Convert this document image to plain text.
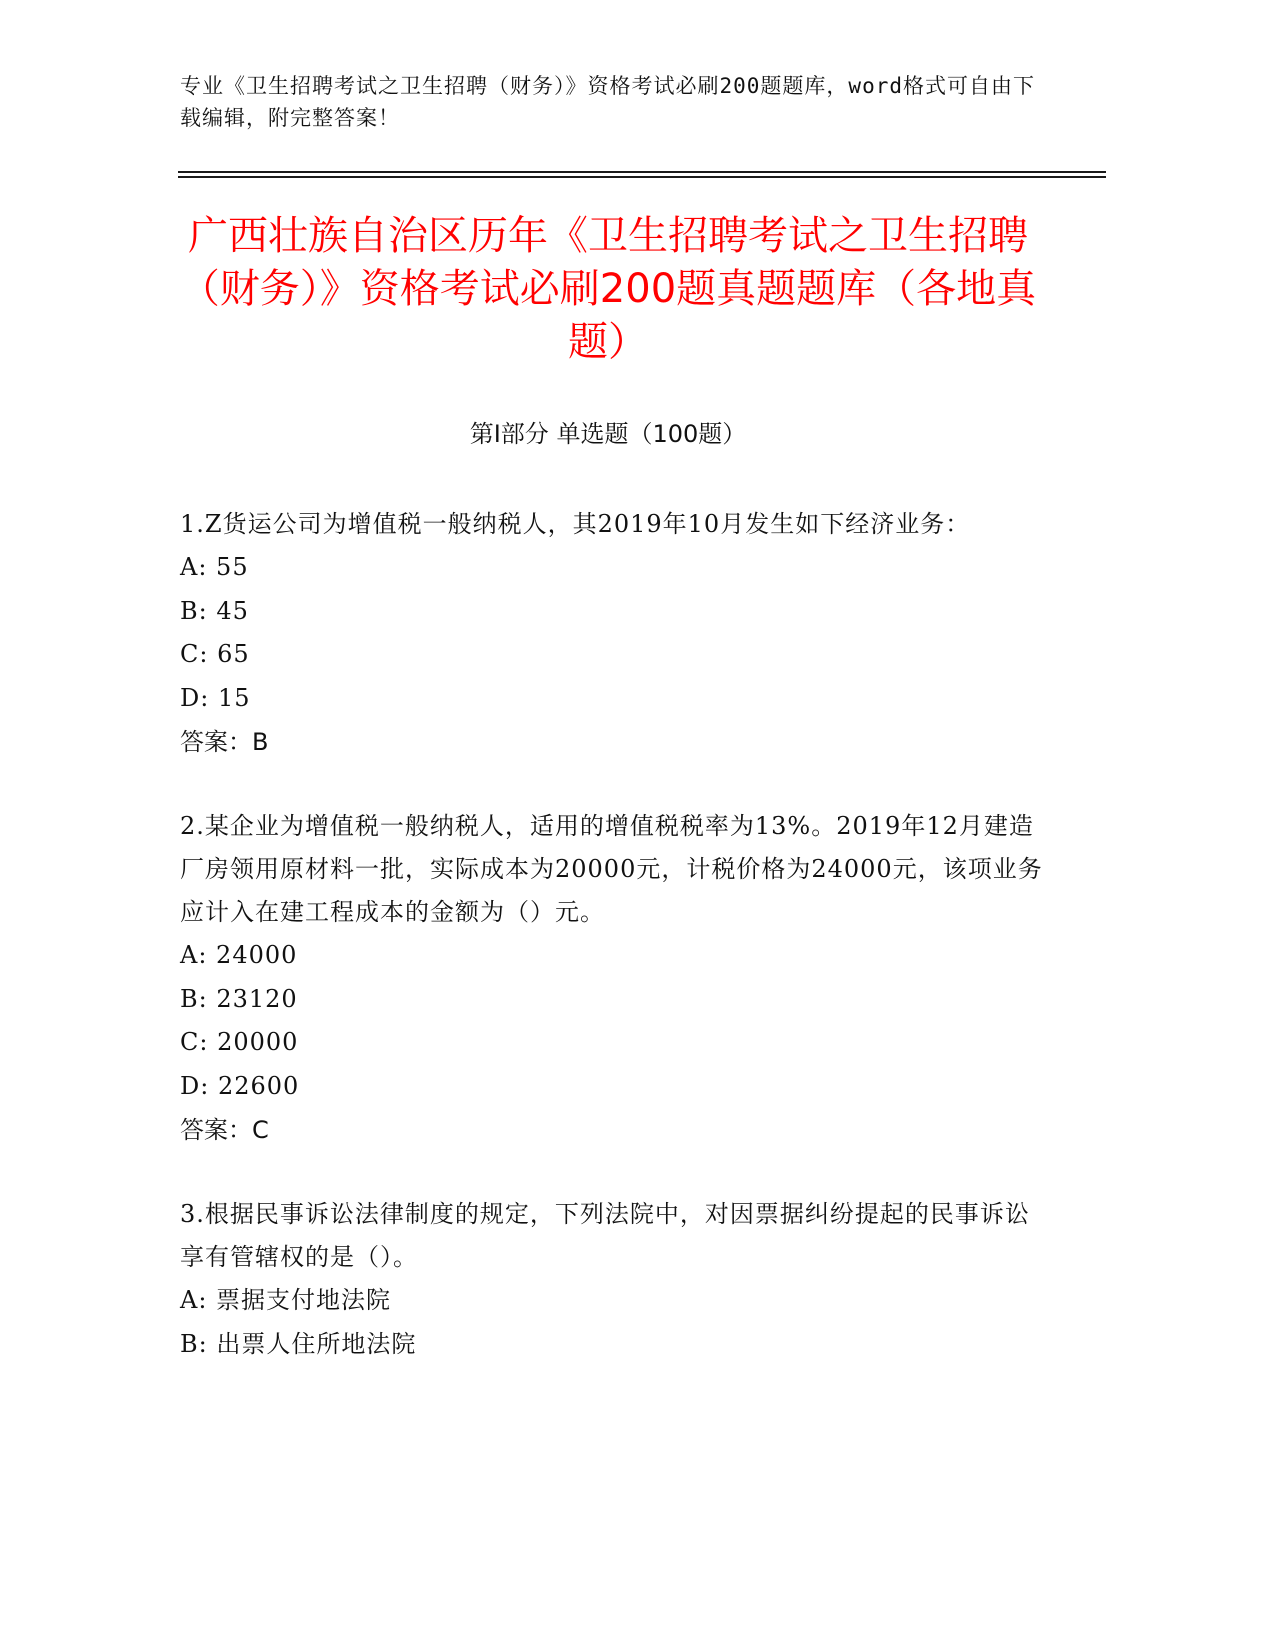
专业《卫生招聘考试之卫生招聘（财务）》资格考试必刷200题题库，word格式可自由下载编辑，附完整答案！
广西壮族自治区历年《卫生招聘考试之卫生招聘（财务）》资格考试必刷200题真题题库（各地真题）
第I部分 单选题（100题）
1.Z货运公司为增值税一般纳税人，其2019年10月发生如下经济业务：
A: 55
B: 45
C: 65
D: 15
答案：B
2.某企业为增值税一般纳税人，适用的增值税税率为13%。2019年12月建造厂房领用原材料一批，实际成本为20000元，计税价格为24000元，该项业务应计入在建工程成本的金额为（）元。
A: 24000
B: 23120
C: 20000
D: 22600
答案：C
3.根据民事诉讼法律制度的规定，下列法院中，对因票据纠纷提起的民事诉讼享有管辖权的是（）。
A: 票据支付地法院
B: 出票人住所地法院
